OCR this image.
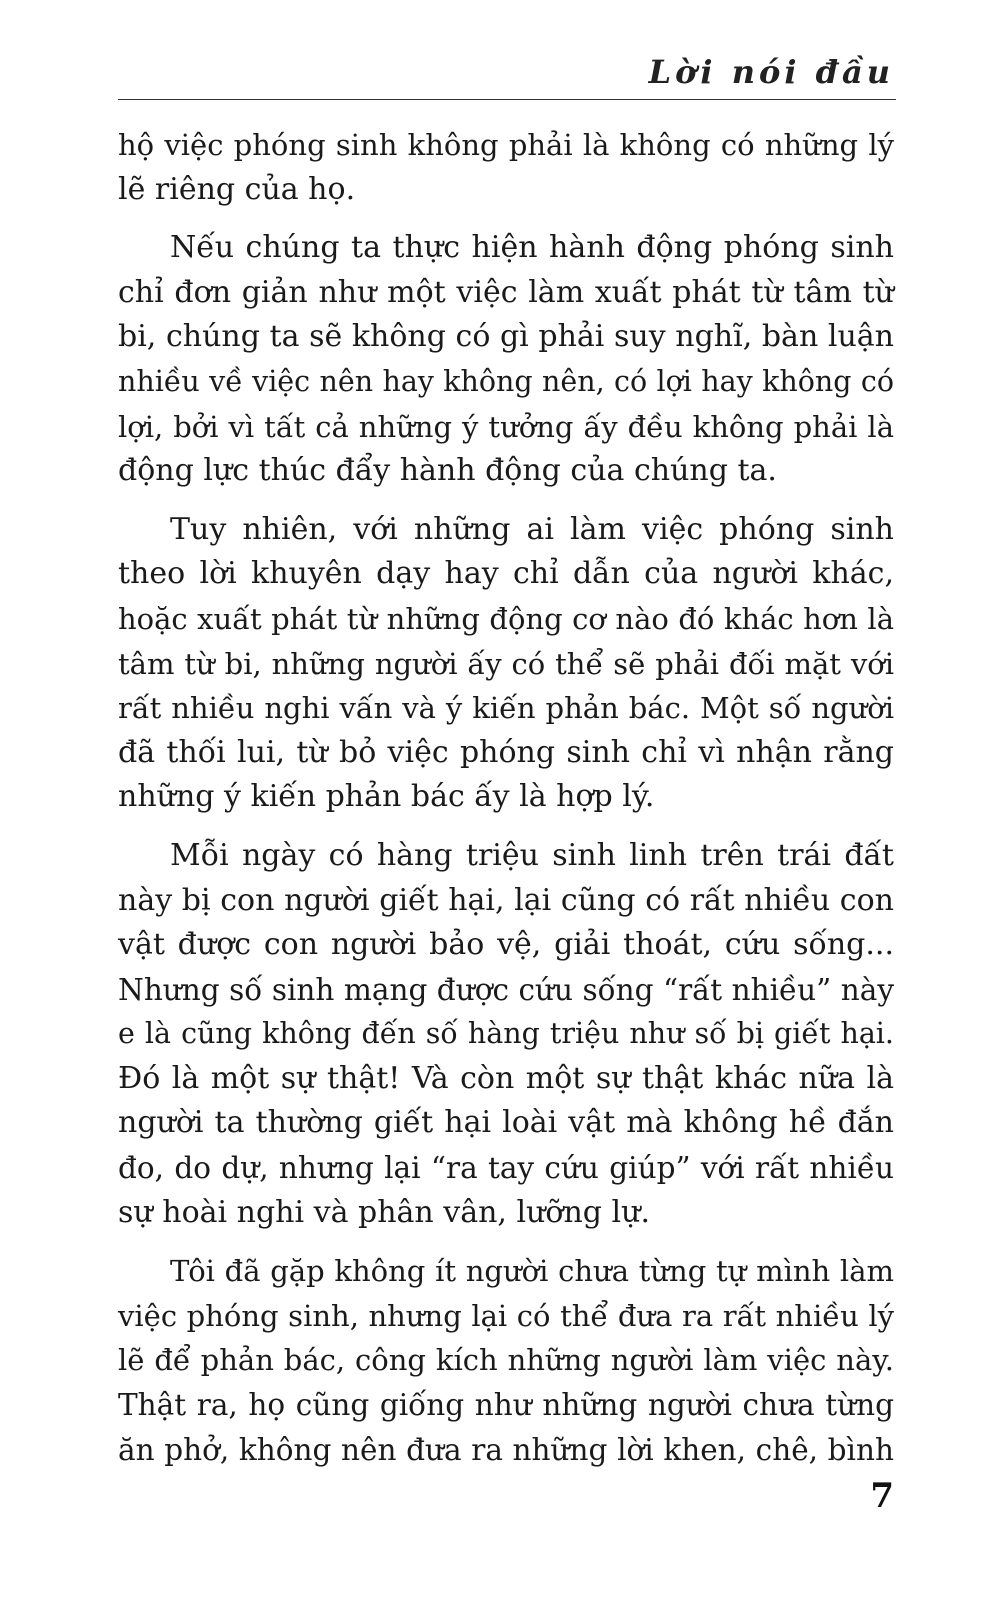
Lời nói đầu

hộ việc phóng sinh không phải là không có những lý
lẽ riêng của họ.

Nếu chúng ta thực hiện hành động phóng sinh
chỉ đơn giản như một việc làm xuất phát từ tâm từ
bi, chúng ta sẽ không có gì phải suy nghĩ, bàn luận
nhiều về việc nên hay không nên, có lợi hay không có
lợi, bởi vì tất cả những ý tưởng ấy đều không phải là
động lực thúc đẩy hành động của chúng ta.

Tuy nhiên, với những ai làm việc phóng sinh
theo lời khuyên dạy hay chỉ dẫn của người khác,
hoặc xuất phát từ những động cơ nào đó khác hơn là
tâm từ bi, những người ấy có thể sẽ phải đối mặt với
rất nhiều nghi vấn và ý kiến phản bác. Một số người
đã thối lui, từ bỏ việc phóng sinh chỉ vì nhận rằng
những ý kiến phản bác ấy là hợp lý.

Mỗi ngày có hàng triệu sinh linh trên trái đất
này bị con người giết hại, lại cũng có rất nhiều con
vật được con người bảo vệ, giải thoát, cứu sống...
Nhưng số sinh mạng được cứu sống “rất nhiều” này
e là cũng không đến số hàng triệu như số bị giết hại.
Đó là một sự thật! Và còn một sự thật khác nữa là
người ta thường giết hại loài vật mà không hề đắn
đo, do dự, nhưng lại “ra tay cứu giúp” với rất nhiều
sự hoài nghi và phân vân, lưỡng lự.

Tôi đã gặp không ít người chưa từng tự mình làm
việc phóng sinh, nhưng lại có thể đưa ra rất nhiều lý
lẽ để phản bác, công kích những người làm việc này.
Thật ra, họ cũng giống như những người chưa từng
ăn phở, không nên đưa ra những lời khen, chê, bình

7
